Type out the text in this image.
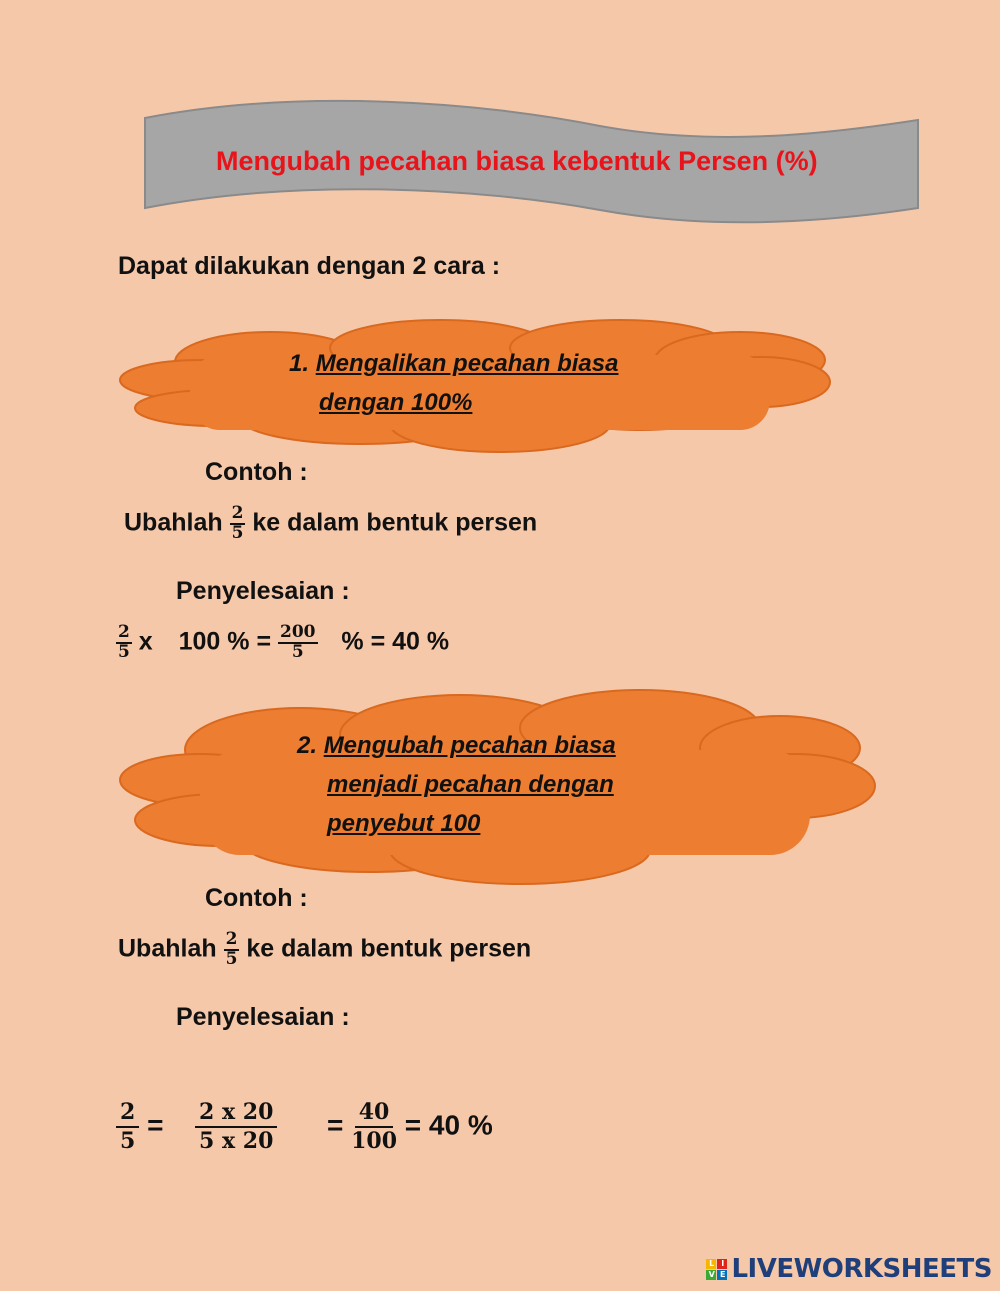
Mengubah pecahan biasa kebentuk Persen (%)
Dapat dilakukan dengan 2 cara :
1. Mengalikan pecahan biasa
dengan 100%
Contoh :
Ubahlah $\frac{2}{5}$ ke dalam bentuk persen
Penyelesaian :
$\frac{2}{5}$ x 100 % = $\frac{200}{5}$ % = 40 %
2. Mengubah pecahan biasa
menjadi pecahan dengan
penyebut 100
Contoh :
Ubahlah $\frac{2}{5}$ ke dalam bentuk persen
Penyelesaian :
$\frac{2}{5} = \frac{2 x 20}{5 x 20} = \frac{40}{100} = 40$ %
L I
V E LIVEWORKSHEETS
